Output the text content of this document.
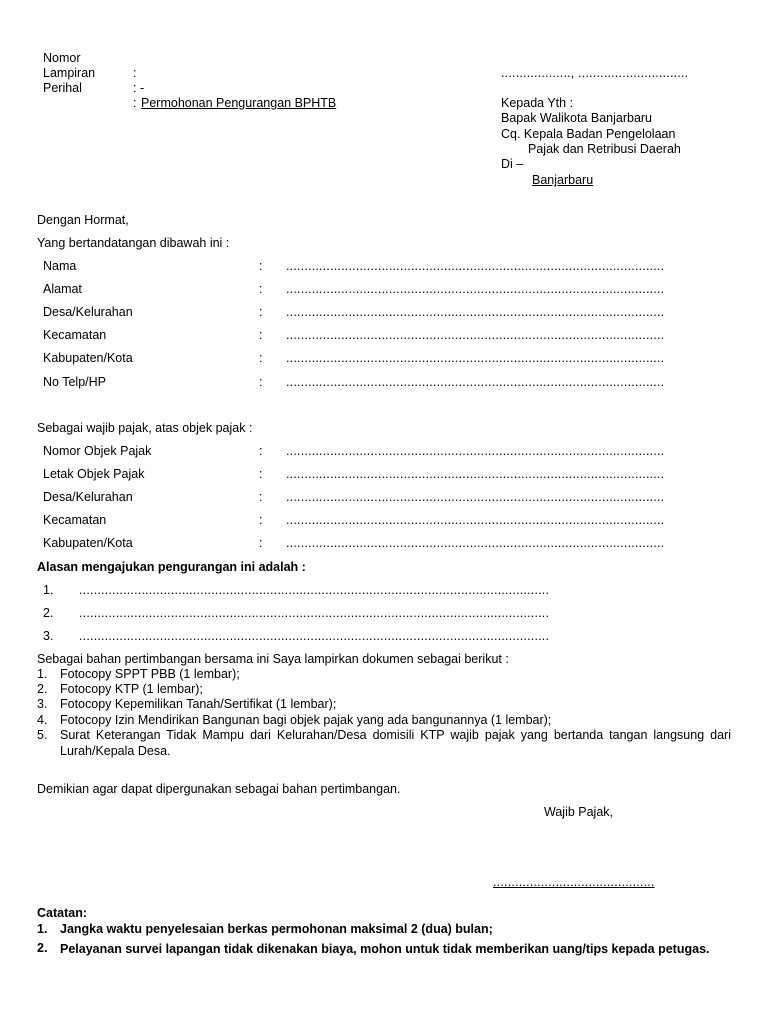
Nomor
Lampiran	:
Perihal	: -
: Permohonan Pengurangan BPHTB
..................., ..............................
Kepada Yth :
Bapak Walikota Banjarbaru
Cq. Kepala Badan Pengelolaan
Pajak dan Retribusi Daerah
Di –
Banjarbaru
Dengan Hormat,
Yang bertandatangan dibawah ini :
Nama
Alamat
Desa/Kelurahan
Kecamatan
Kabupaten/Kota
No Telp/HP
:
:
:
:
:
:
.......................................................................................................
.......................................................................................................
.......................................................................................................
.......................................................................................................
.......................................................................................................
.......................................................................................................
Sebagai wajib pajak, atas objek pajak :
Nomor Objek Pajak
Letak Objek Pajak
Desa/Kelurahan
Kecamatan
Kabupaten/Kota
:
:
:
:
:
.......................................................................................................
.......................................................................................................
.......................................................................................................
.......................................................................................................
.......................................................................................................
Alasan mengajukan pengurangan ini adalah :
1.
2.
3.
................................................................................................................................
................................................................................................................................
................................................................................................................................
Sebagai bahan pertimbangan bersama ini Saya lampirkan dokumen sebagai berikut :
1. Fotocopy SPPT PBB (1 lembar);
2. Fotocopy KTP (1 lembar);
3. Fotocopy Kepemilikan Tanah/Sertifikat (1 lembar);
4. Fotocopy Izin Mendirikan Bangunan bagi objek pajak yang ada bangunannya (1 lembar);
5. Surat Keterangan Tidak Mampu dari Kelurahan/Desa domisili KTP wajib pajak yang bertanda tangan langsung dari Lurah/Kepala Desa.
Demikian agar dapat dipergunakan sebagai bahan pertimbangan.
Wajib Pajak,
............................................
Catatan:
1. Jangka waktu penyelesaian berkas permohonan maksimal 2 (dua) bulan;
2. Pelayanan survei lapangan tidak dikenakan biaya, mohon untuk tidak memberikan uang/tips kepada petugas.
